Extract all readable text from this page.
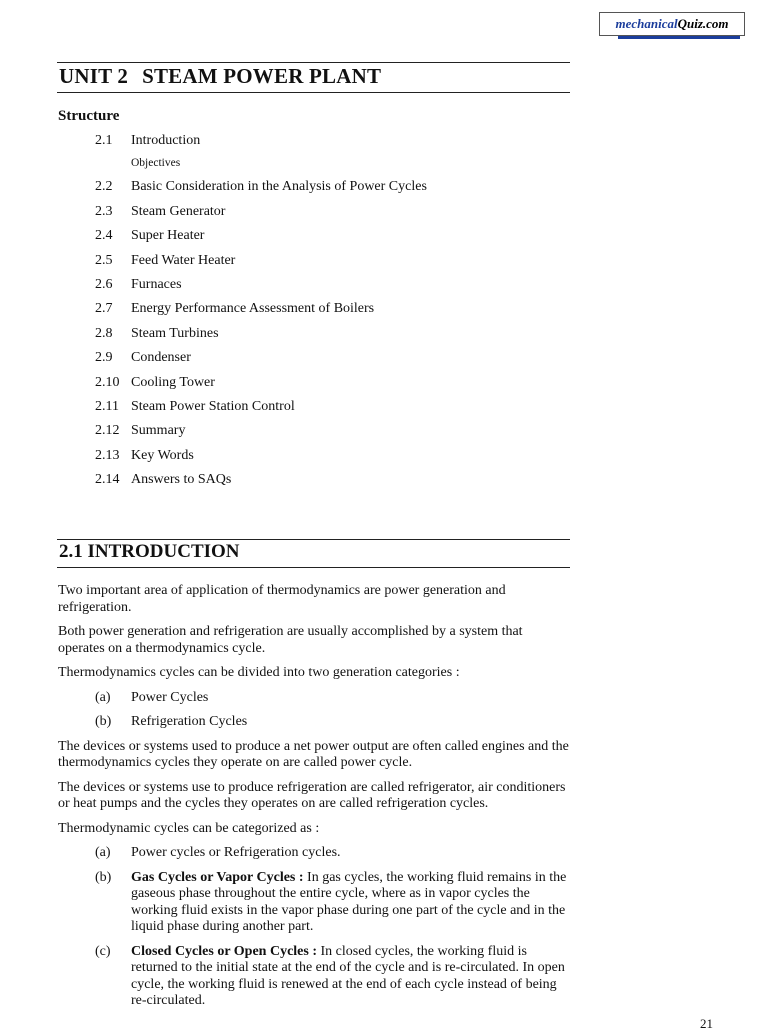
mechanicalQuiz.com
UNIT 2 STEAM POWER PLANT
Structure
2.1 Introduction
Objectives
2.2 Basic Consideration in the Analysis of Power Cycles
2.3 Steam Generator
2.4 Super Heater
2.5 Feed Water Heater
2.6 Furnaces
2.7 Energy Performance Assessment of Boilers
2.8 Steam Turbines
2.9 Condenser
2.10 Cooling Tower
2.11 Steam Power Station Control
2.12 Summary
2.13 Key Words
2.14 Answers to SAQs
2.1 INTRODUCTION

Two important area of application of thermodynamics are power generation and refrigeration.

Both power generation and refrigeration are usually accomplished by a system that operates on a thermodynamics cycle.

Thermodynamics cycles can be divided into two generation categories :

(a)	Power Cycles
(b)	Refrigeration Cycles

The devices or systems used to produce a net power output are often called engines and the thermodynamics cycles they operate on are called power cycle.

The devices or systems use to produce refrigeration are called refrigerator, air conditioners or heat pumps and the cycles they operates on are called refrigeration cycles.

Thermodynamic cycles can be categorized as :

(a)	Power cycles or Refrigeration cycles.
(b)	Gas Cycles or Vapor Cycles : In gas cycles, the working fluid remains in the gaseous phase throughout the entire cycle, where as in vapor cycles the working fluid exists in the vapor phase during one part of the cycle and in the liquid phase during another part.
(c)	Closed Cycles or Open Cycles : In closed cycles, the working fluid is returned to the initial state at the end of the cycle and is re-circulated. In open cycle, the working fluid is renewed at the end of each cycle instead of being re-circulated.
21
